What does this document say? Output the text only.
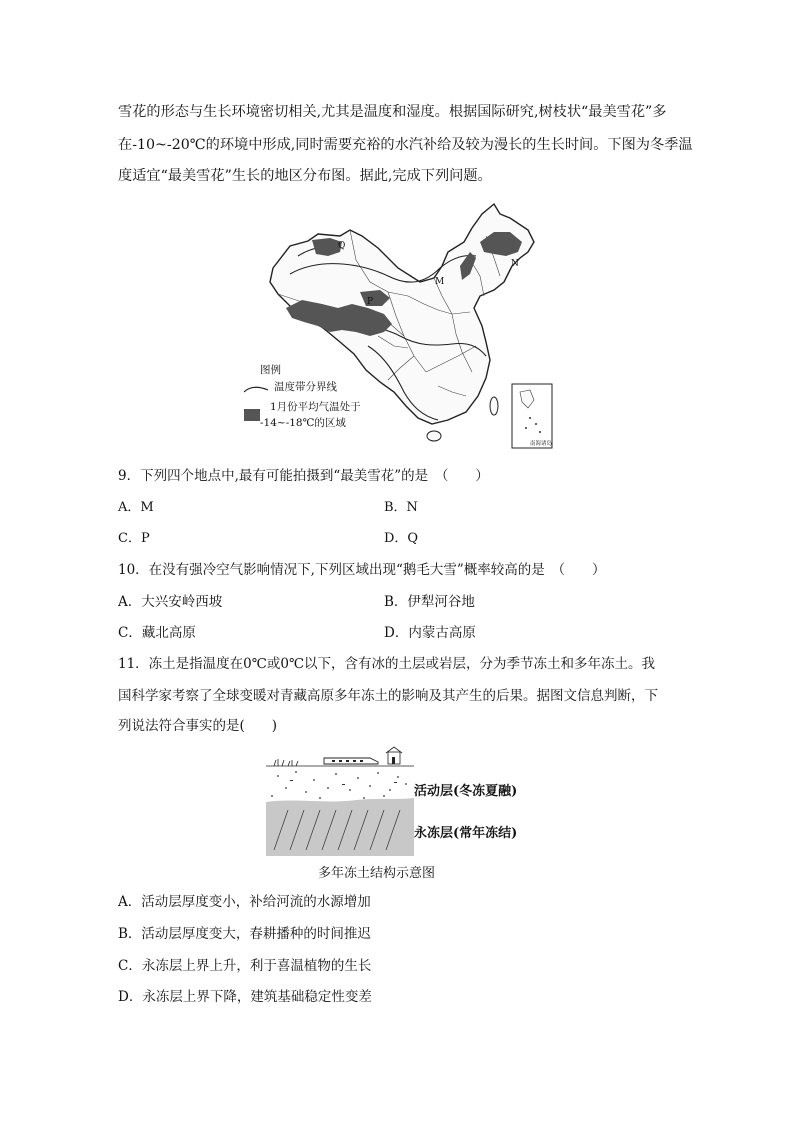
雪花的形态与生长环境密切相关,尤其是温度和湿度。根据国际研究,树枝状“最美雪花”多
在-10~-20℃的环境中形成,同时需要充裕的水汽补给及较为漫长的生长时间。下图为冬季温
度适宜“最美雪花”生长的地区分布图。据此,完成下列问题。
M
N
P
Q
南海诸岛
图例
温度带分界线
1月份平均气温处于
-14~-18℃的区域
9．下列四个地点中,最有可能拍摄到“最美雪花”的是　（　　）
A．M	B．N
C．P	D．Q
10．在没有强冷空气影响情况下,下列区域出现“鹅毛大雪”概率较高的是　（　　）
A．大兴安岭西坡	B．伊犁河谷地
C．藏北高原	D．内蒙古高原
11．冻土是指温度在0℃或0℃以下，含有冰的土层或岩层，分为季节冻土和多年冻土。我
国科学家考察了全球变暖对青藏高原多年冻土的影响及其产生的后果。据图文信息判断，下
列说法符合事实的是(　　)
活动层(冬冻夏融)
永冻层(常年冻结)
多年冻土结构示意图
A．活动层厚度变小，补给河流的水源增加
B．活动层厚度变大，春耕播种的时间推迟
C．永冻层上界上升，利于喜温植物的生长
D．永冻层上界下降，建筑基础稳定性变差
